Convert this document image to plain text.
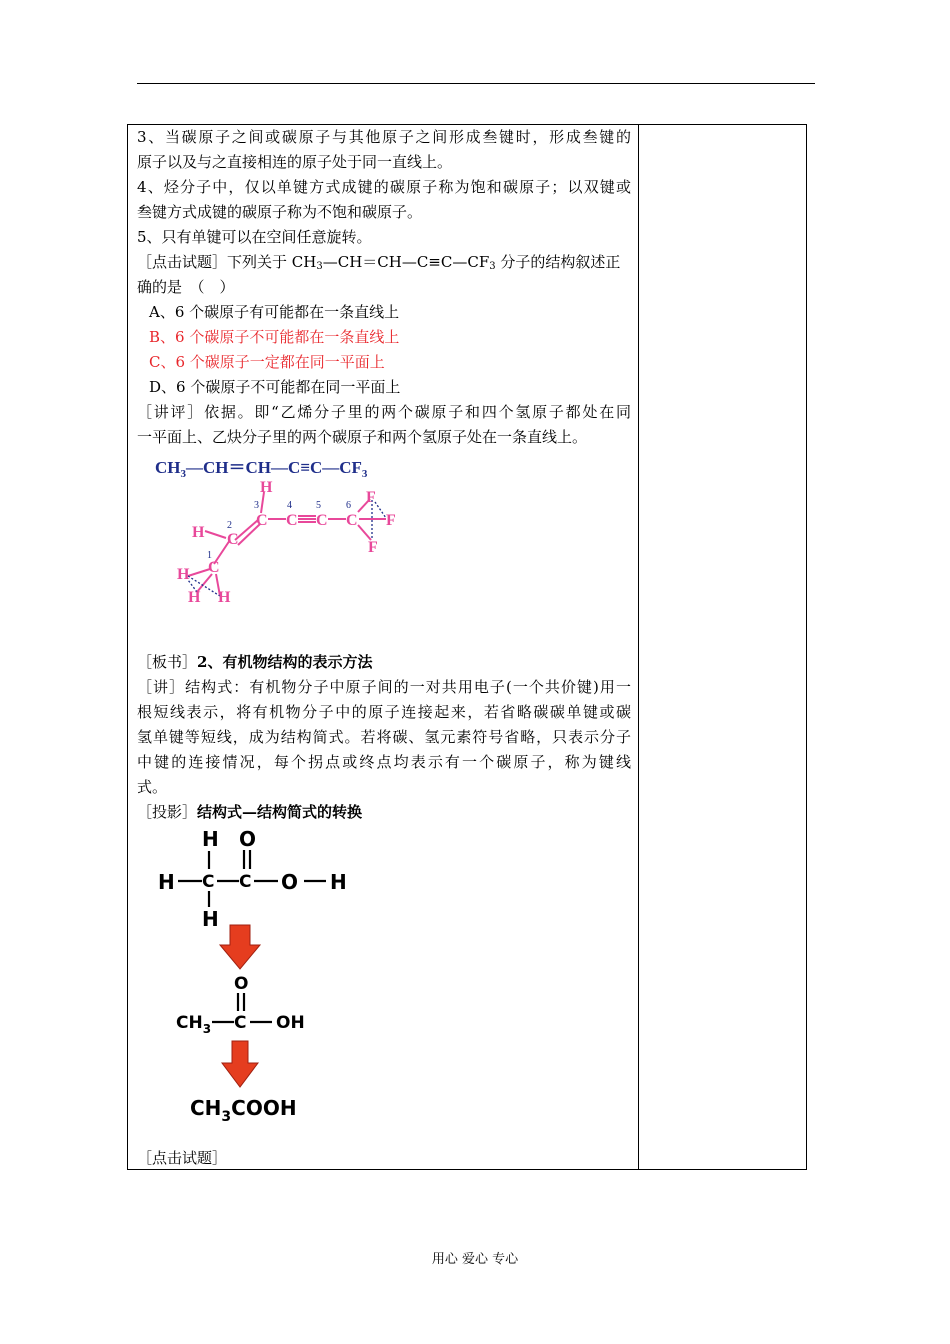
3、当碳原子之间或碳原子与其他原子之间形成叁键时，形成叁键的
原子以及与之直接相连的原子处于同一直线上。
4、烃分子中，仅以单键方式成键的碳原子称为饱和碳原子；以双键或
叁键方式成键的碳原子称为不饱和碳原子。
5、只有单键可以在空间任意旋转。
［点击试题］下列关于 $CH_3—CH=CH—C\equiv C—CF_3$ 分子的结构叙述正
确的是　（　）
A、6 个碳原子有可能都在一条直线上
B、6 个碳原子不可能都在一条直线上
C、6 个碳原子一定都在同一平面上
D、6 个碳原子不可能都在同一平面上
［讲评］依据。即“乙烯分子里的两个碳原子和四个氢原子都处在同
一平面上、乙炔分子里的两个碳原子和两个氢原子处在一条直线上。
$CH_3—CH=CH—C\equiv C—CF_3$
C
C
C C C C
H
H
H
H H
F
F
F
1
2
3	4 5	6
［板书］2、有机物结构的表示方法
［讲］结构式：有机物分子中原子间的一对共用电子(一个共价键)用一
根短线表示，将有机物分子中的原子连接起来，若省略碳碳单键或碳
氢单键等短线，成为结构简式。若将碳、氢元素符号省略，只表示分子
中键的连接情况，每个拐点或终点均表示有一个碳原子，称为键线
式。
［投影］结构式—结构简式的转换
H O
H C C O H
H
O
$CH_3$ C OH
$CH_3COOH$
［点击试题］
用心 爱心 专心
